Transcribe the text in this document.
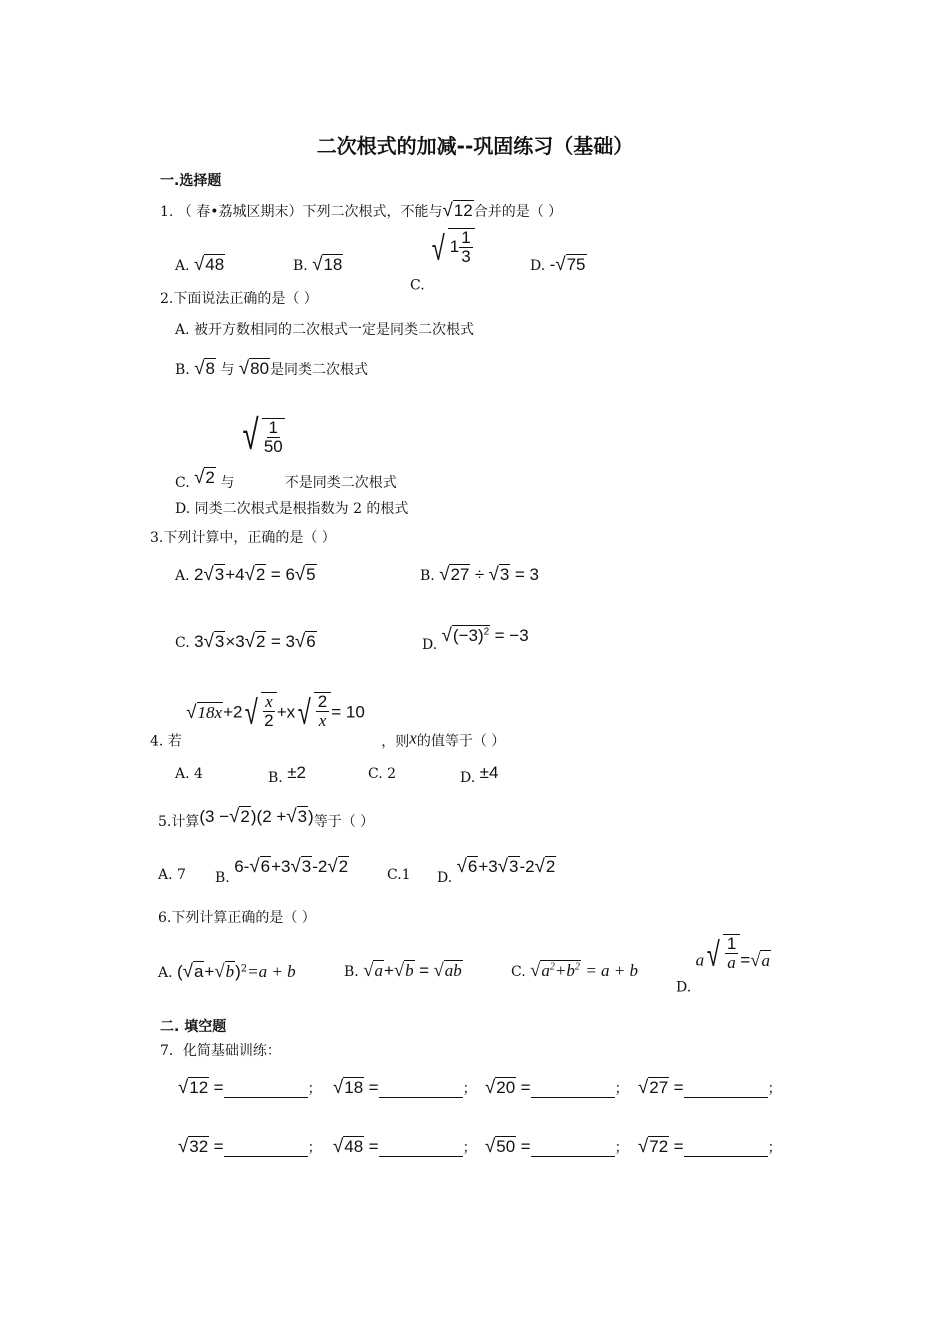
二次根式的加减--巩固练习（基础）
一.选择题
1. （ 春•荔城区期末）下列二次根式，不能与√12合并的是（ ）
A. √48	B. √18
C.
√ $1 \frac{1}{3}$
D. -√75
2.下面说法正确的是（ ）
A. 被开方数相同的二次根式一定是同类二次根式
B. √8 与 √80是同类二次根式
C. √2 与
√ $\frac{1}{50}$
不是同类二次根式
D. 同类二次根式是根指数为 2 的根式
3.下列计算中，正确的是（ ）
A. 2√3+4√2 = 6√5	B. √27 ÷ √3 = 3
C. 3√3×3√2 = 3√6	D. $√(-3)^2 = -3$
4. 若 √18x+2 √ $\frac{x}{2} +x$ √ $\frac{2}{x} = 10$ ，则x的值等于（ ）
A. 4	B. ±2	C. 2	D. ±4
5.计算(3 −√2)(2 +√3)等于（ ）
A. 7 B. 6-√6+3√3-2√2	C.1 D. √6+3√3-2√2
6.下列计算正确的是（ ）
A. $(√a+√b)^2=a + b$	B. √a+√b = √ab	C. $√a^2+b^2 = a + b$
D. a √ $\frac{1}{a} =√a$
二. 填空题
7．化简基础训练：
√12 =	； √18 =	； √20 =	； √27 =	；
√32 =	； √48 =	； √50 =	； √72 =	；
